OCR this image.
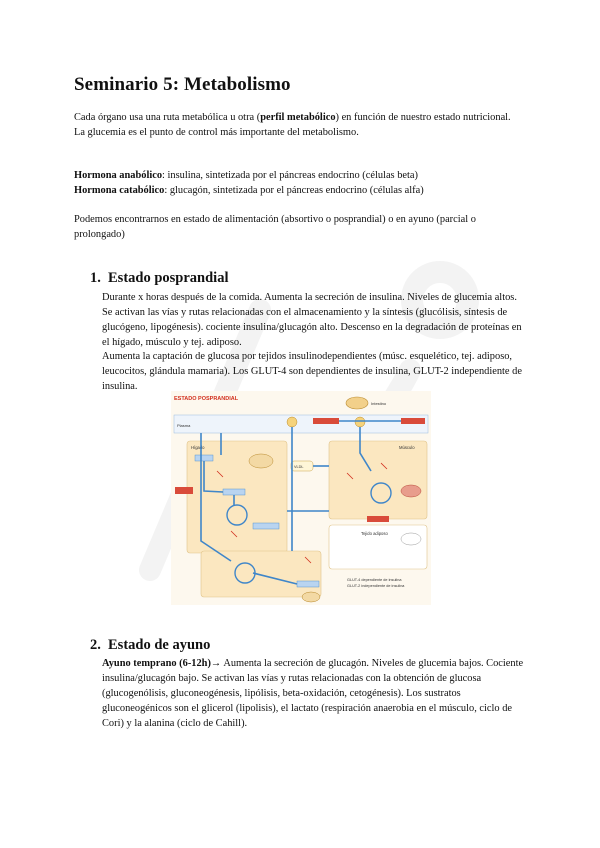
Seminario 5: Metabolismo

Cada órgano usa una ruta metabólica u otra (perfil metabólico) en función de nuestro estado nutricional.
La glucemia es el punto de control más importante del metabolismo.

Hormona anabólico: insulina, sintetizada por el páncreas endocrino (células beta)
Hormona catabólico: glucagón, sintetizada por el páncreas endocrino (células alfa)

Podemos encontrarnos en estado de alimentación (absortivo o posprandial) o en ayuno (parcial o prolongado)

1. Estado posprandial

Durante x horas después de la comida. Aumenta la secreción de insulina. Niveles de glucemia altos. Se activan las vías y rutas relacionadas con el almacenamiento y la síntesis (glucólisis, síntesis de glucógeno, lipogénesis). cociente insulina/glucagón alto. Descenso en la degradación de proteínas en el hígado, músculo y tej. adiposo.

Aumenta la captación de glucosa por tejidos insulinodependientes (músc. esquelético, tej. adiposo, leucocitos, glándula mamaria). Los GLUT-4 son dependientes de insulina, GLUT-2 independiente de insulina.

ESTADO POSPRANDIAL
Intestino
Plasma
Hígado
VLDL
Músculo
Tejido adiposo
GLUT-4 dependiente de insulina
GLUT-2 independiente de insulina
2. Estado de ayuno

Ayuno temprano (6-12h)→ Aumenta la secreción de glucagón. Niveles de glucemia bajos. Cociente insulina/glucagón bajo. Se activan las vías y rutas relacionadas con la obtención de glucosa (glucogenólisis, gluconeogénesis, lipólisis, beta-oxidación, cetogénesis). Los sustratos gluconeogénicos son el glicerol (lipolisis), el lactato (respiración anaerobia en el músculo, ciclo de Cori) y la alanina (ciclo de Cahill).
